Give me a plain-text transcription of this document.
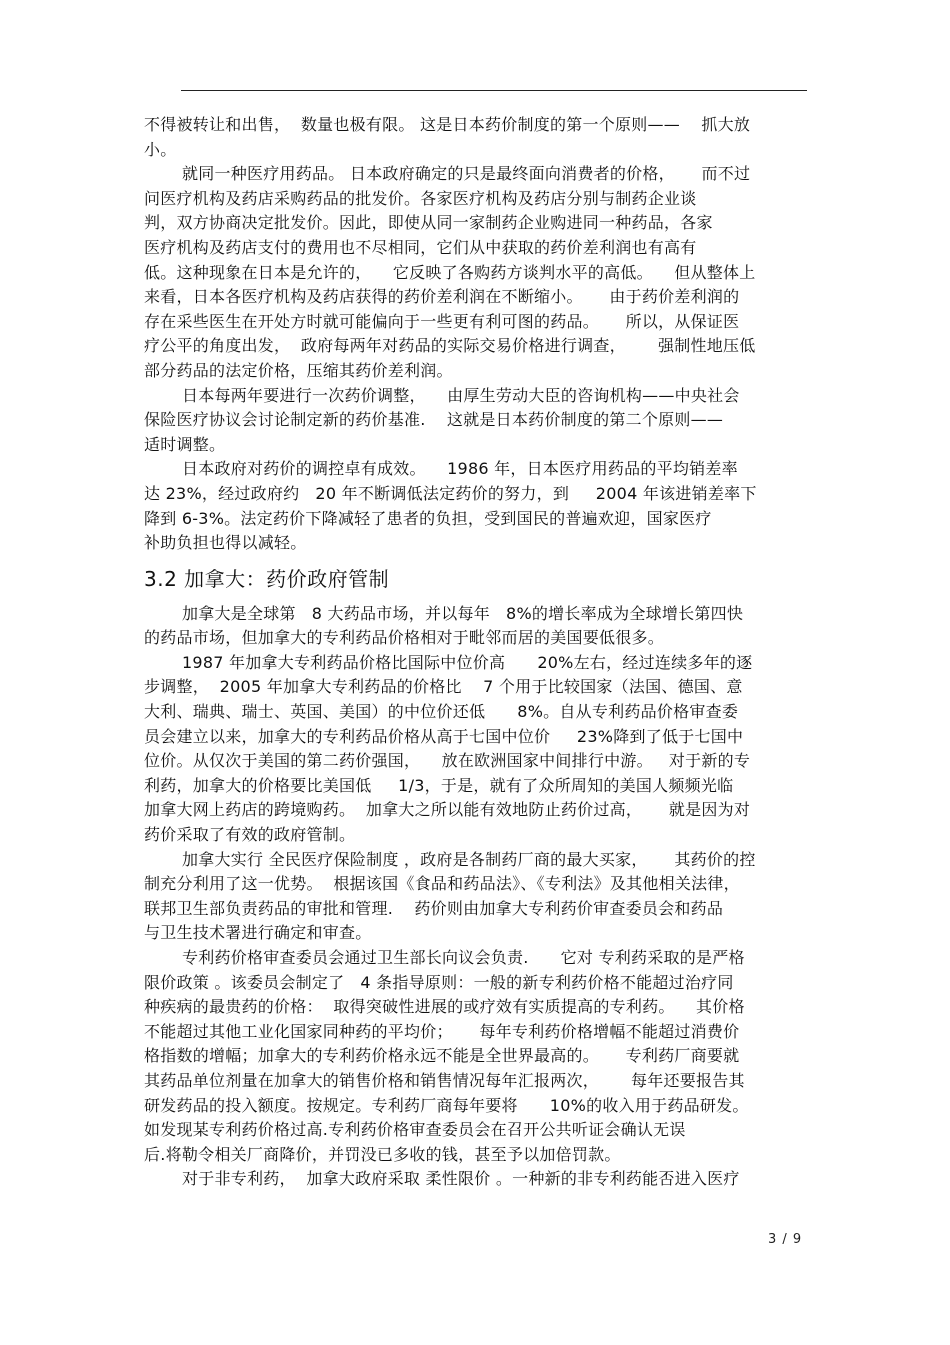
不得被转让和出售，  数量也极有限。 这是日本药价制度的第一个原则——    抓大放
小。
就同一种医疗用药品。 日本政府确定的只是最终面向消费者的价格，     而不过
问医疗机构及药店采购药品的批发价。各家医疗机构及药店分别与制药企业谈
判，双方协商决定批发价。因此，即使从同一家制药企业购进同一种药品，各家
医疗机构及药店支付的费用也不尽相同，它们从中获取的药价差利润也有高有
低。这种现象在日本是允许的，    它反映了各购药方谈判水平的高低。    但从整体上
来看，日本各医疗机构及药店获得的药价差利润在不断缩小。     由于药价差利润的
存在采些医生在开处方时就可能偏向于一些更有利可图的药品。     所以，从保证医
疗公平的角度出发，  政府每两年对药品的实际交易价格进行调查，      强制性地压低
部分药品的法定价格，压缩其药价差利润。
日本每两年要进行一次药价调整，    由厚生劳动大臣的咨询机构——中央社会
保险医疗协议会讨论制定新的药价基准.    这就是日本药价制度的第二个原则——
适时调整。
日本政府对药价的调控卓有成效。    1986 年，日本医疗用药品的平均销差率
达 23%，经过政府约   20 年不断调低法定药价的努力，到     2004 年该进销差率下
降到 6-3%。法定药价下降减轻了患者的负担，受到国民的普遍欢迎，国家医疗
补助负担也得以减轻。
3.2 加拿大：药价政府管制
加拿大是全球第   8 大药品市场，并以每年   8%的增长率成为全球增长第四快
的药品市场，但加拿大的专利药品价格相对于毗邻而居的美国要低很多。
1987 年加拿大专利药品价格比国际中位价高      20%左右，经过连续多年的逐
步调整，  2005 年加拿大专利药品的价格比    7 个用于比较国家（法国、德国、意
大利、瑞典、瑞士、英国、美国）的中位价还低      8%。自从专利药品价格审查委
员会建立以来，加拿大的专利药品价格从高于七国中位价     23%降到了低于七国中
位价。从仅次于美国的第二药价强国，    放在欧洲国家中间排行中游。   对于新的专
利药，加拿大的价格要比美国低     1/3，于是，就有了众所周知的美国人频频光临
加拿大网上药店的跨境购药。  加拿大之所以能有效地防止药价过高，     就是因为对
药价采取了有效的政府管制。
加拿大实行 全民医疗保险制度 ，政府是各制药厂商的最大买家，     其药价的控
制充分利用了这一优势。  根据该国《食品和药品法》、《专利法》及其他相关法律，
联邦卫生部负责药品的审批和管理.    药价则由加拿大专利药价审查委员会和药品
与卫生技术署进行确定和审查。
专利药价格审查委员会通过卫生部长向议会负责.      它对 专利药采取的是严格
限价政策 。该委员会制定了   4 条指导原则：一般的新专利药价格不能超过治疗同
种疾病的最贵药的价格：  取得突破性进展的或疗效有实质提高的专利药。    其价格
不能超过其他工业化国家同种药的平均价；     每年专利药价格增幅不能超过消费价
格指数的增幅；加拿大的专利药价格永远不能是全世界最高的。     专利药厂商要就
其药品单位剂量在加拿大的销售价格和销售情况每年汇报两次，      每年还要报告其
研发药品的投入额度。按规定。专利药厂商每年要将      10%的收入用于药品研发。
如发现某专利药价格过高.专利药价格审查委员会在召开公共听证会确认无误
后.将勒令相关厂商降价，并罚没已多收的钱，甚至予以加倍罚款。
对于非专利药，  加拿大政府采取 柔性限价 。一种新的非专利药能否进入医疗
3 / 9
